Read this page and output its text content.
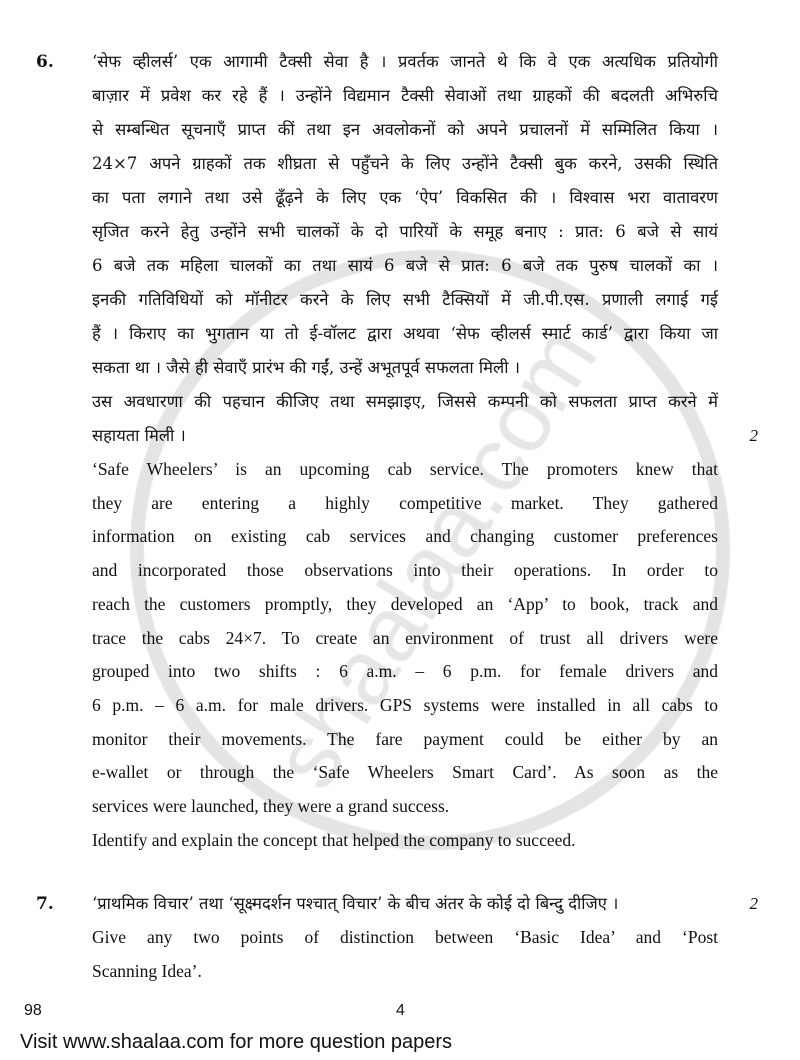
6. ‘सेफ व्हीलर्स’ एक आगामी टैक्सी सेवा है । प्रवर्तक जानते थे कि वे एक अत्यधिक प्रतियोगी
बाज़ार में प्रवेश कर रहे हैं । उन्होंने विद्यमान टैक्सी सेवाओं तथा ग्राहकों की बदलती अभिरुचि
से सम्बन्धित सूचनाएँ प्राप्त कीं तथा इन अवलोकनों को अपने प्रचालनों में सम्मिलित किया ।
24×7 अपने ग्राहकों तक शीघ्रता से पहुँचने के लिए उन्होंने टैक्सी बुक करने, उसकी स्थिति
का पता लगाने तथा उसे ढूँढ़ने के लिए एक ‘ऐप’ विकसित की । विश्वास भरा वातावरण
सृजित करने हेतु उन्होंने सभी चालकों के दो पारियों के समूह बनाए : प्रात: 6 बजे से सायं
6 बजे तक महिला चालकों का तथा सायं 6 बजे से प्रात: 6 बजे तक पुरुष चालकों का ।
इनकी गतिविधियों को मॉनीटर करने के लिए सभी टैक्सियों में जी.पी.एस. प्रणाली लगाई गई
हैं । किराए का भुगतान या तो ई-वॉलट द्वारा अथवा ‘सेफ व्हीलर्स स्मार्ट कार्ड’ द्वारा किया जा
सकता था । जैसे ही सेवाएँ प्रारंभ की गईं, उन्हें अभूतपूर्व सफलता मिली ।
उस अवधारणा की पहचान कीजिए तथा समझाइए, जिससे कम्पनी को सफलता प्राप्त करने में
सहायता मिली ।	2
‘Safe Wheelers’ is an upcoming cab service. The promoters knew that
they are entering a highly competitive market. They gathered
information on existing cab services and changing customer preferences
and incorporated those observations into their operations. In order to
reach the customers promptly, they developed an ‘App’ to book, track and
trace the cabs 24×7. To create an environment of trust all drivers were
grouped into two shifts : 6 a.m. – 6 p.m. for female drivers and
6 p.m. – 6 a.m. for male drivers. GPS systems were installed in all cabs to
monitor their movements. The fare payment could be either by an
e-wallet or through the ‘Safe Wheelers Smart Card’. As soon as the
services were launched, they were a grand success.
Identify and explain the concept that helped the company to succeed.
7. ‘प्राथमिक विचार’ तथा ‘सूक्ष्मदर्शन पश्चात् विचार’ के बीच अंतर के कोई दो बिन्दु दीजिए ।	2
Give any two points of distinction between ‘Basic Idea’ and ‘Post
Scanning Idea’.
98	4
Visit www.shaalaa.com for more question papers
